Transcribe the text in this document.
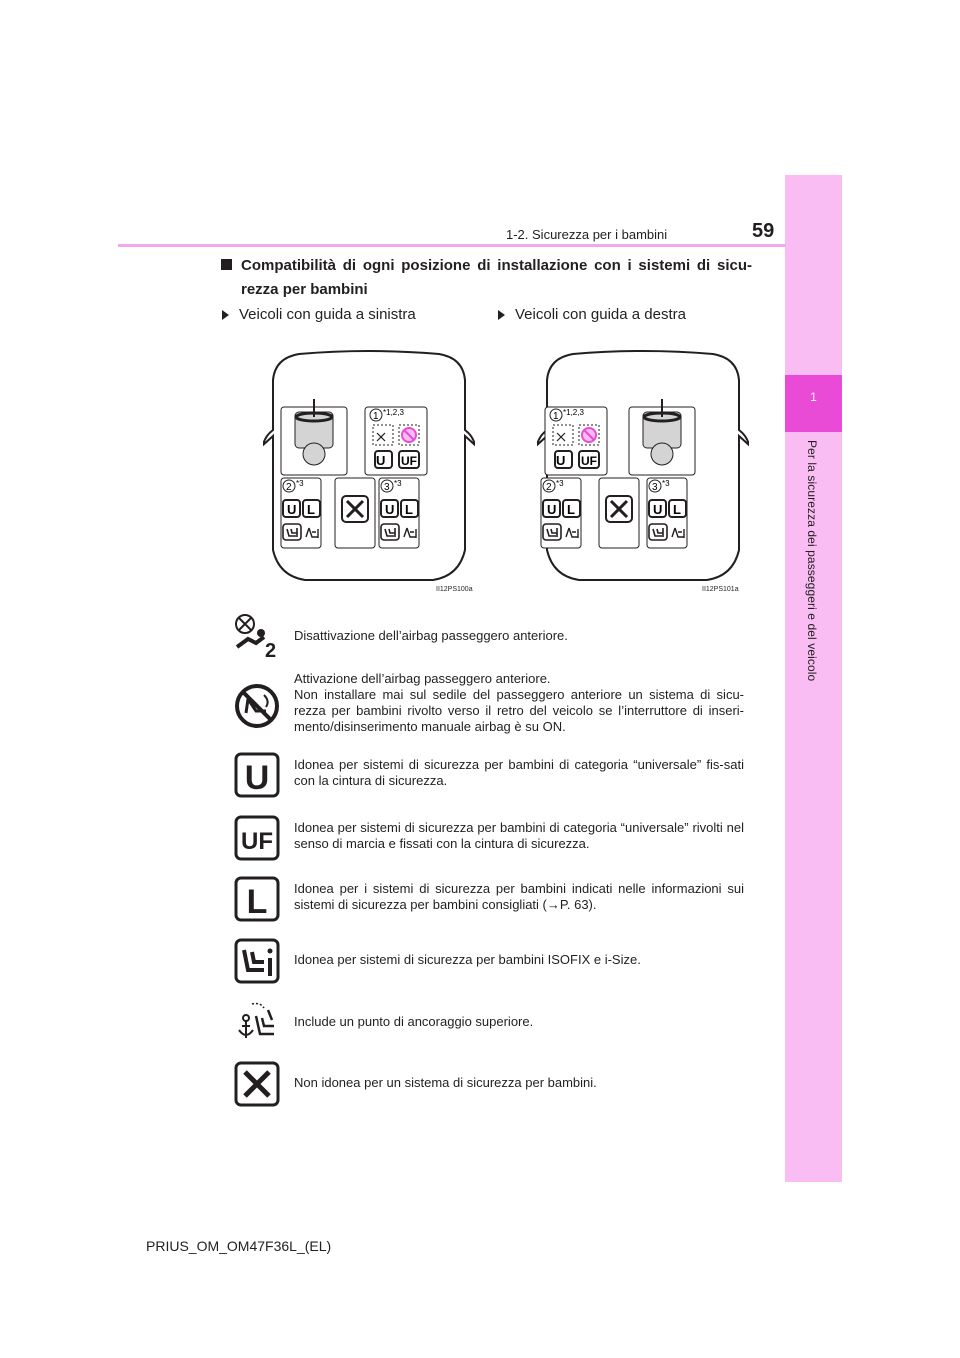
1
Per la sicurezza dei passeggeri e del veicolo
1-2. Sicurezza per i bambini	59
Compatibilità di ogni posizione di installazione con i sistemi di sicu-rezza per bambini
Veicoli con guida a sinistra	Veicoli con guida a destra
1 *1,2,3
U UF
2 *3
U L
3 *3
U L
II12PS100a
1 *1,2,3
U UF
2 *3
U L
3 *3
U L
II12PS101a
2
Disattivazione dell’airbag passeggero anteriore.
Attivazione dell’airbag passeggero anteriore.
Non installare mai sul sedile del passeggero anteriore un sistema di sicu-rezza per bambini rivolto verso il retro del veicolo se l’interruttore di inseri-mento/disinserimento manuale airbag è su ON.
U Idonea per sistemi di sicurezza per bambini di categoria “universale” fis-sati con la cintura di sicurezza.
UF
Idonea per sistemi di sicurezza per bambini di categoria “universale” rivolti nel senso di marcia e fissati con la cintura di sicurezza.
L Idonea per i sistemi di sicurezza per bambini indicati nelle informazioni sui sistemi di sicurezza per bambini consigliati (→P. 63).
Idonea per sistemi di sicurezza per bambini ISOFIX e i-Size.
Include un punto di ancoraggio superiore.
Non idonea per un sistema di sicurezza per bambini.
PRIUS_OM_OM47F36L_(EL)
